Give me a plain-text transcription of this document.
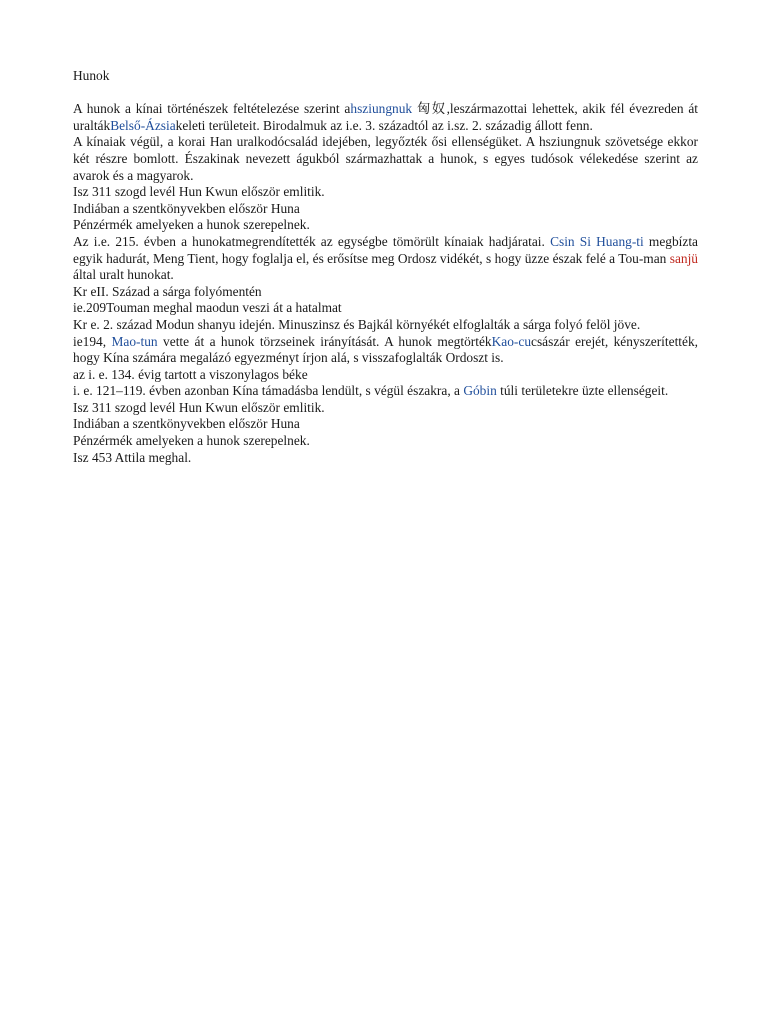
Hunok

A hunok a kínai történészek feltételezése szerint ahsziungnuk 匈奴,leszármazottai lehettek, akik fél évezreden át uraltákBelső-Ázsiakeleti területeit. Birodalmuk az i.e. 3. századtól az i.sz. 2. századig állott fenn.

A kínaiak végül, a korai Han uralkodócsalád idejében, legyőzték ősi ellenségüket. A hsziungnuk szövetsége ekkor két részre bomlott. Északinak nevezett águkból származhattak a hunok, s egyes tudósok vélekedése szerint az avarok és a magyarok.

Isz 311 szogd levél Hun Kwun először emlitik.

Indiában a szentkönyvekben először Huna

Pénzérmék amelyeken a hunok szerepelnek.

Az i.e. 215. évben a hunokatmegrendítették az egységbe tömörült kínaiak hadjáratai. Csin Si Huang-ti megbízta egyik hadurát, Meng Tient, hogy foglalja el, és erősítse meg Ordosz vidékét, s hogy üzze észak felé a Tou-man sanjü által uralt hunokat.

Kr eII. Század a sárga folyómentén

ie.209Touman meghal maodun veszi át a hatalmat

Kr e. 2. század Modun shanyu idején. Minuszinsz és Bajkál környékét elfoglalták a sárga folyó felöl jöve.

ie194, Mao-tun vette át a hunok törzseinek irányítását. A hunok megtörtékKao-cucsászár erejét, kényszerítették, hogy Kína számára megalázó egyezményt írjon alá, s visszafoglalták Ordoszt is.

az i. e. 134. évig tartott a viszonylagos béke

i. e. 121–119. évben azonban Kína támadásba lendült, s végül északra, a Góbin túli területekre üzte ellenségeit.

Isz 311 szogd levél Hun Kwun először emlitik.

Indiában a szentkönyvekben először Huna

Pénzérmék amelyeken a hunok szerepelnek.

Isz 453 Attila meghal.
